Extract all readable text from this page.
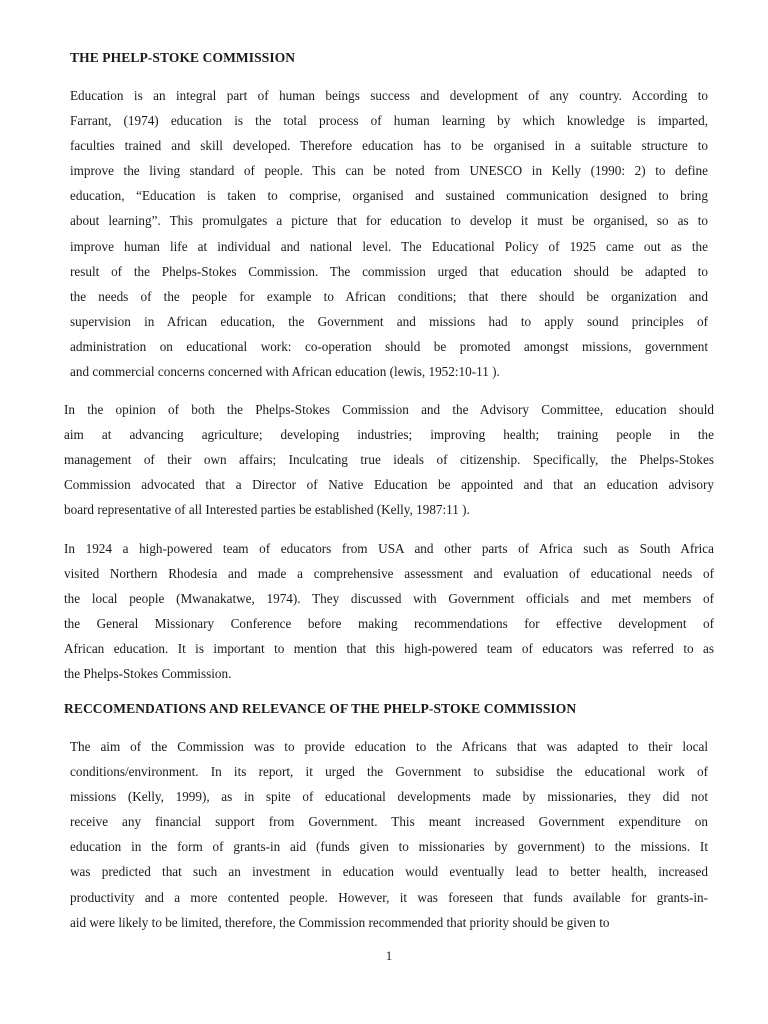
THE PHELP-STOKE COMMISSION
Education is an integral part of human beings success and development of any country. According to
Farrant, (1974) education is the total process of human learning by which knowledge is imparted,
faculties trained and skill developed. Therefore education has to be organised in a suitable structure to
improve the living standard of people. This can be noted from UNESCO in Kelly (1990: 2) to define
education, “Education is taken to comprise, organised and sustained communication designed to bring
about learning”. This promulgates a picture that for education to develop it must be organised, so as to
improve human life at individual and national level. The Educational Policy of 1925 came out as the
result of the Phelps-Stokes Commission. The commission urged that education should be adapted to
the needs of the people for example to African conditions; that there should be organization and
supervision in African education, the Government and missions had to apply sound principles of
administration on educational work: co-operation should be promoted amongst missions, government
and commercial concerns concerned with African education (lewis, 1952:10-11 ).
In the opinion of both the Phelps-Stokes Commission and the Advisory Committee, education should
aim at advancing agriculture; developing industries; improving health; training people in the
management of their own affairs; Inculcating true ideals of citizenship. Specifically, the Phelps-Stokes
Commission advocated that a Director of Native Education be appointed and that an education advisory
board representative of all Interested parties be established (Kelly, 1987:11 ).
In 1924 a high-powered team of educators from USA and other parts of Africa such as South Africa
visited Northern Rhodesia and made a comprehensive assessment and evaluation of educational needs of
the local people (Mwanakatwe, 1974). They discussed with Government officials and met members of
the General Missionary Conference before making recommendations for effective development of
African education. It is important to mention that this high-powered team of educators was referred to as
the Phelps-Stokes Commission.
RECCOMENDATIONS AND RELEVANCE OF THE PHELP-STOKE COMMISSION
The aim of the Commission was to provide education to the Africans that was adapted to their local
conditions/environment. In its report, it urged the Government to subsidise the educational work of
missions (Kelly, 1999), as in spite of educational developments made by missionaries, they did not
receive any financial support from Government. This meant increased Government expenditure on
education in the form of grants-in aid (funds given to missionaries by government) to the missions. It
was predicted that such an investment in education would eventually lead to better health, increased
productivity and a more contented people. However, it was foreseen that funds available for grants-in-
aid were likely to be limited, therefore, the Commission recommended that priority should be given to
1
